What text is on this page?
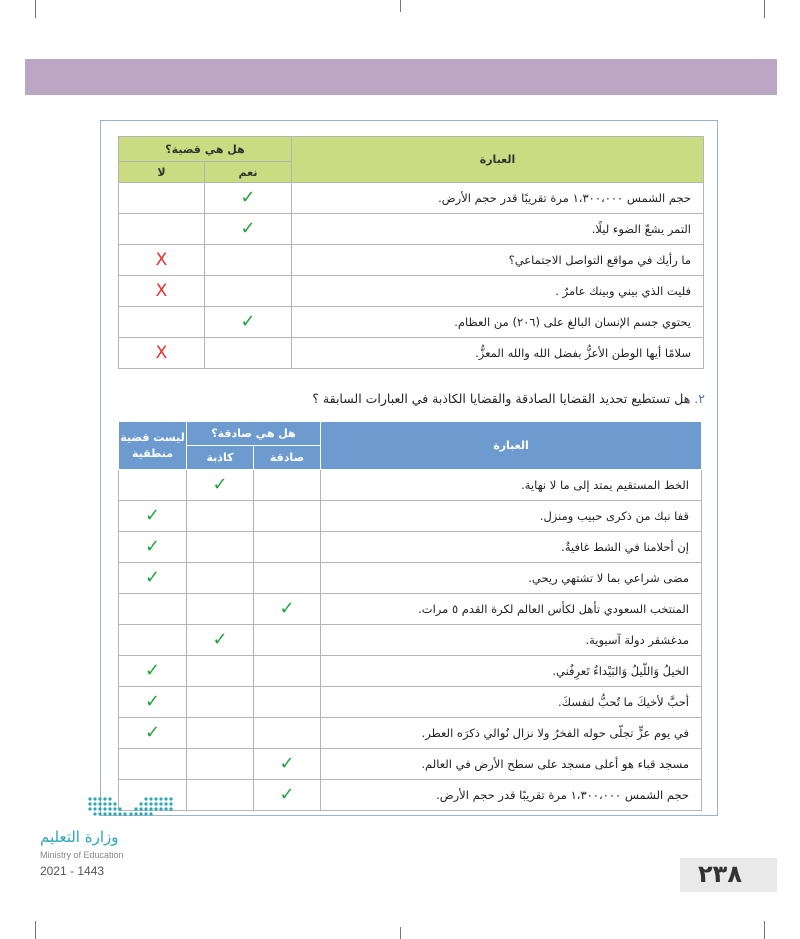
العبارة	هل هي قضية؟	
	نعم	لا
حجم الشمس ١،٣٠٠،٠٠٠ مرة تقريبًا قدر حجم الأرض.	✓	
التمر يشعّ الضوء ليلًا.	✓	
ما رأيك في مواقع التواصل الاجتماعي؟		X
فليت الذي بيني وبينك عامرٌ .		X
يحتوي جسم الإنسان البالغ على (٢٠٦) من العظام.	✓	
سلامًا أيها الوطن الأعزُّ بفضل الله والله المعزُّ.		X
٢. هل تستطيع تحديد القضايا الصادقة والقضايا الكاذبة في العبارات السابقة ؟
العبارة	هل هي صادقة؟		ليست قضية منطقية
	صادقة	كاذبة	
الخط المستقيم يمتد إلى ما لا نهاية.		✓	
قفا نبك من ذكرى حبيب ومنزل.			✓
إن أحلامنا في الشط غافيةٌ.			✓
مضى شراعي بما لا تشتهي ريحي.			✓
المنتخب السعودي تأهل لكأس العالم لكرة القدم ٥ مرات.	✓		
مدغشقر دولة آسيوية.		✓	
الخيلُ وَاللّيلُ وَالبَيْداءُ تَعرِفُني.			✓
أحبَّ لأخيكَ ما تُحبُّ لنفسكَ.			✓
في يوم عزٍّ تجلّى حوله الفخرُ ولا نزال نُوالي ذكرَه العطر.			✓
مسجد قباء هو أعلى مسجد على سطح الأرض في العالم.	✓		
حجم الشمس ١،٣٠٠،٠٠٠ مرة تقريبًا قدر حجم الأرض.	✓		
وزارة التعليم
Ministry of Education
2021 - 1443	٢٣٨
